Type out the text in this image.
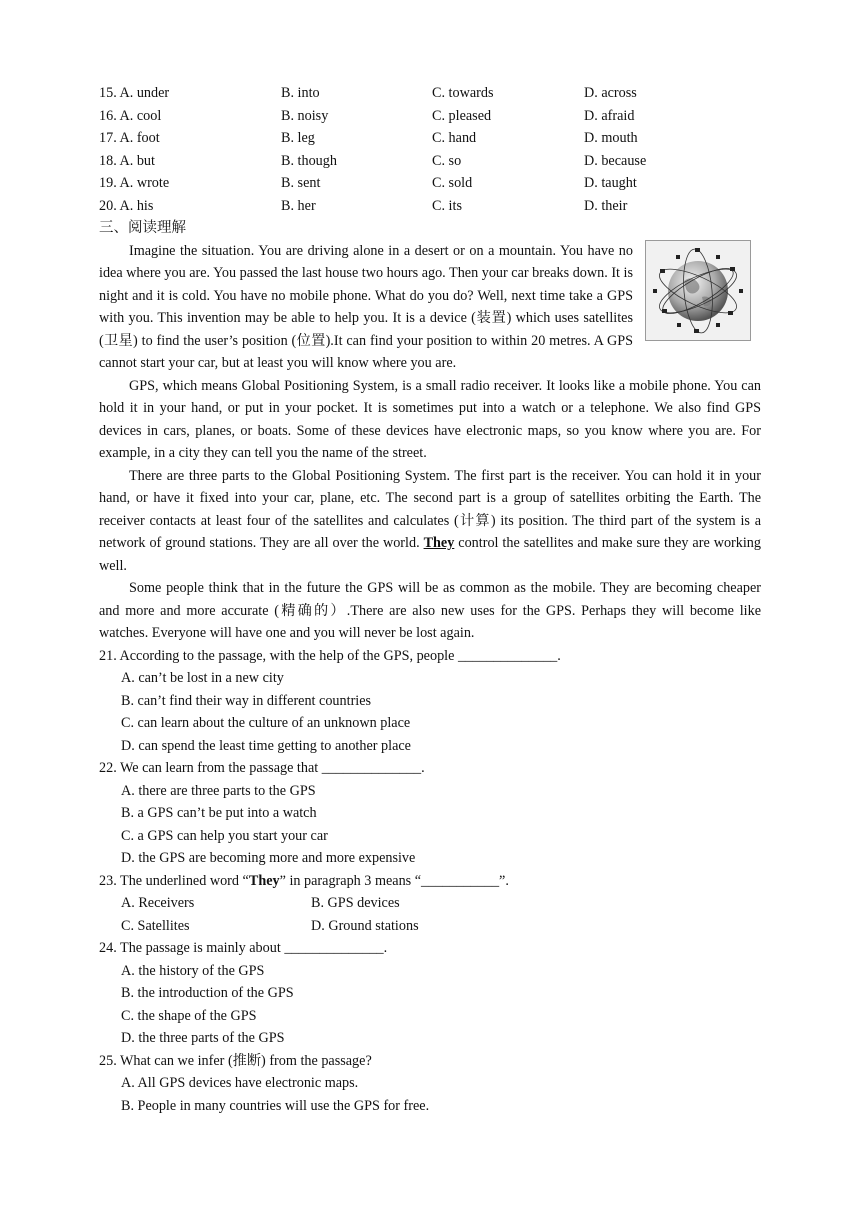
15. A. under	B. into	C. towards	D. across
16. A. cool	B. noisy	C. pleased	D. afraid
17. A. foot	B. leg	C. hand	D. mouth
18. A. but	B. though	C. so	D. because
19. A. wrote	B. sent	C. sold	D. taught
20. A. his	B. her	C. its	D. their
三、阅读理解

Imagine the situation. You are driving alone in a desert or on a mountain. You have no idea where you are. You passed the last house two hours ago. Then your car breaks down. It is night and it is cold. You have no mobile phone. What do you do? Well, next time take a GPS with you. This invention may be able to help you. It is a device (装置) which uses satellites (卫星) to find the user’s position (位置).It can find your position to within 20 metres. A GPS cannot start your car, but at least you will know where you are.

GPS, which means Global Positioning System, is a small radio receiver. It looks like a mobile phone. You can hold it in your hand, or put in your pocket. It is sometimes put into a watch or a telephone. We also find GPS devices in cars, planes, or boats. Some of these devices have electronic maps, so you know where you are. For example, in a city they can tell you the name of the street.

There are three parts to the Global Positioning System. The first part is the receiver. You can hold it in your hand, or have it fixed into your car, plane, etc. The second part is a group of satellites orbiting the Earth. The receiver contacts at least four of the satellites and calculates (计算) its position. The third part of the system is a network of ground stations. They are all over the world. They control the satellites and make sure they are working well.

Some people think that in the future the GPS will be as common as the mobile. They are becoming cheaper and more and more accurate (精确的）.There are also new uses for the GPS. Perhaps they will become like watches. Everyone will have one and you will never be lost again.

21. According to the passage, with the help of the GPS, people ______________.
A. can’t be lost in a new city
B. can’t find their way in different countries
C. can learn about the culture of an unknown place
D. can spend the least time getting to another place
22. We can learn from the passage that ______________.
A. there are three parts to the GPS
B. a GPS can’t be put into a watch
C. a GPS can help you start your car
D. the GPS are becoming more and more expensive
23. The underlined word “They” in paragraph 3 means “___________”.
A. Receivers	B. GPS devices
C. Satellites	D. Ground stations
24. The passage is mainly about ______________.
A. the history of the GPS
B. the introduction of the GPS
C. the shape of the GPS
D. the three parts of the GPS
25. What can we infer (推断) from the passage?
A. All GPS devices have electronic maps.
B. People in many countries will use the GPS for free.
